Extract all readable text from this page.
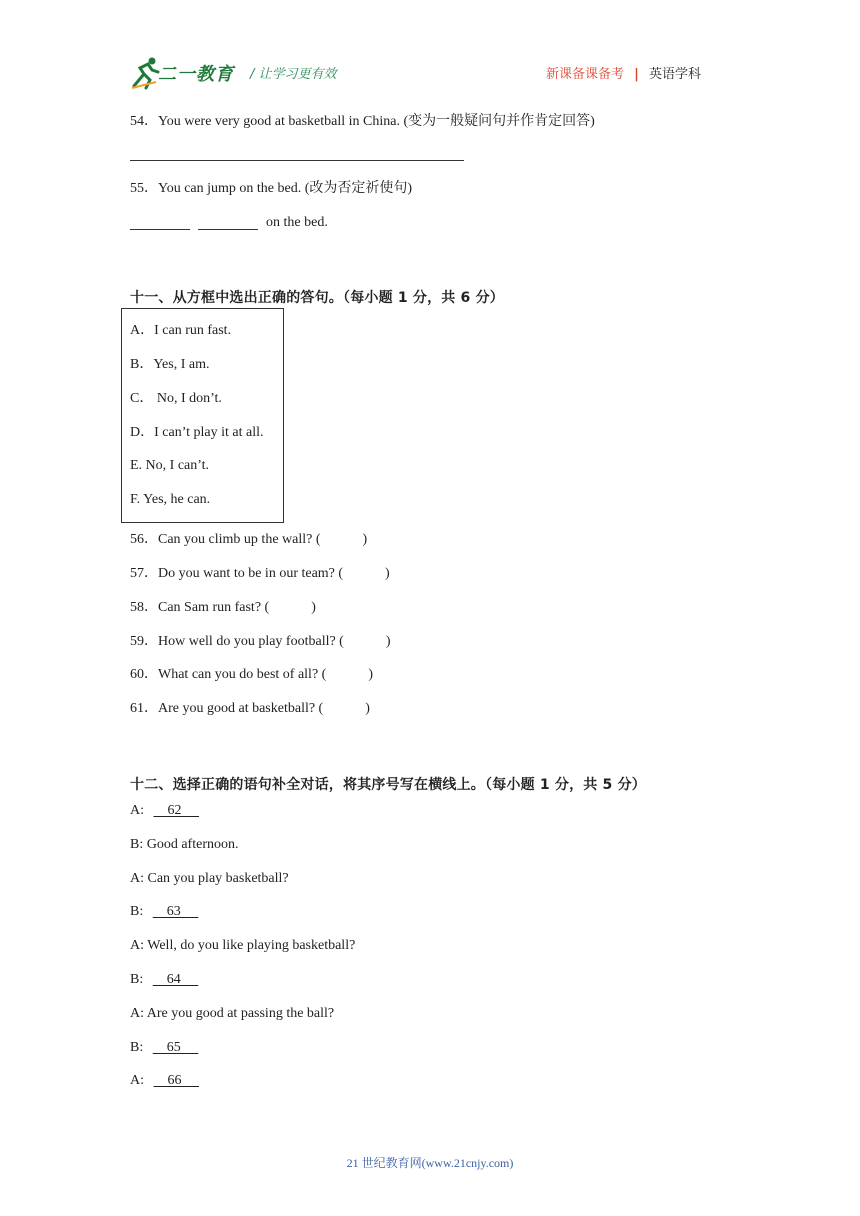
二一教育 / 让学习更有效	新课备课备考 | 英语学科
54．You were very good at basketball in China. (变为一般疑问句并作肯定回答)
55．You can jump on the bed. (改为否定祈使句)
on the bed.
十一、从方框中选出正确的答句。（每小题 1 分，共 6 分）
A．I can run fast.
B．Yes, I am.
C． No, I don’t.
D．I can’t play it at all.
E. No, I can’t.
F. Yes, he can.
56．Can you climb up the wall? (            )
57．Do you want to be in our team? (            )
58．Can Sam run fast? (            )
59．How well do you play football? (            )
60．What can you do best of all? (            )
61．Are you good at basketball? (            )
十二、选择正确的语句补全对话，将其序号写在横线上。（每小题 1 分，共 5 分）
A:     62
B: Good afternoon.
A: Can you play basketball?
B:     63
A: Well, do you like playing basketball?
B:     64
A: Are you good at passing the ball?
B:     65
A:     66
21 世纪教育网(www.21cnjy.com)
